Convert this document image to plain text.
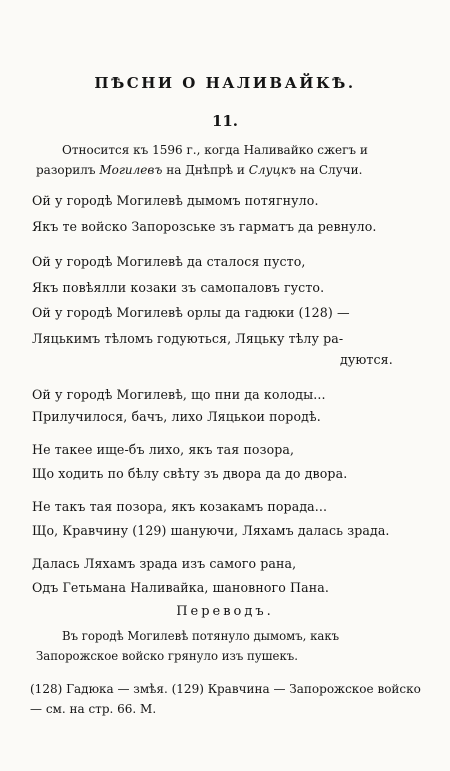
ПѢСНИ О НАЛИВАЙКѢ.
11.
Относится къ 1596 г., когда Наливайко сжегъ и разорилъ Могилевъ на Днѣпрѣ и Слуцкъ на Случи.
Ой у городѣ Могилевѣ дымомъ потягнуло.
Якъ те войско Запорозське зъ гарматъ да ревнуло.
Ой у городѣ Могилевѣ да сталося пусто,
Якъ повѣялли козаки зъ самопаловъ густо.
Ой у городѣ Могилевѣ орлы да гадюки (128) —
Ляцькимъ тѣломъ годуються, Ляцьку тѣлу ра-
дуются.
Ой у городѣ Могилевѣ, що пни да колоды...
Прилучилося, бачъ, лихо Ляцькои породѣ.
Не такее ище-бъ лихо, якъ тая позора,
Що ходить по бѣлу свѣту зъ двора да до двора.
Не такъ тая позора, якъ козакамъ порада...
Що, Кравчину (129) шануючи, Ляхамъ далась зрада.
Далась Ляхамъ зрада изъ самого рана,
Одъ Гетьмана Наливайка, шановного Пана.
Переводъ.
Въ городѣ Могилевѣ потянуло дымомъ, какъ Запорожское войско грянуло изъ пушекъ.
(128) Гадюка — змѣя. (129) Кравчина — Запорожское войско — см. на стр. 66. М.
